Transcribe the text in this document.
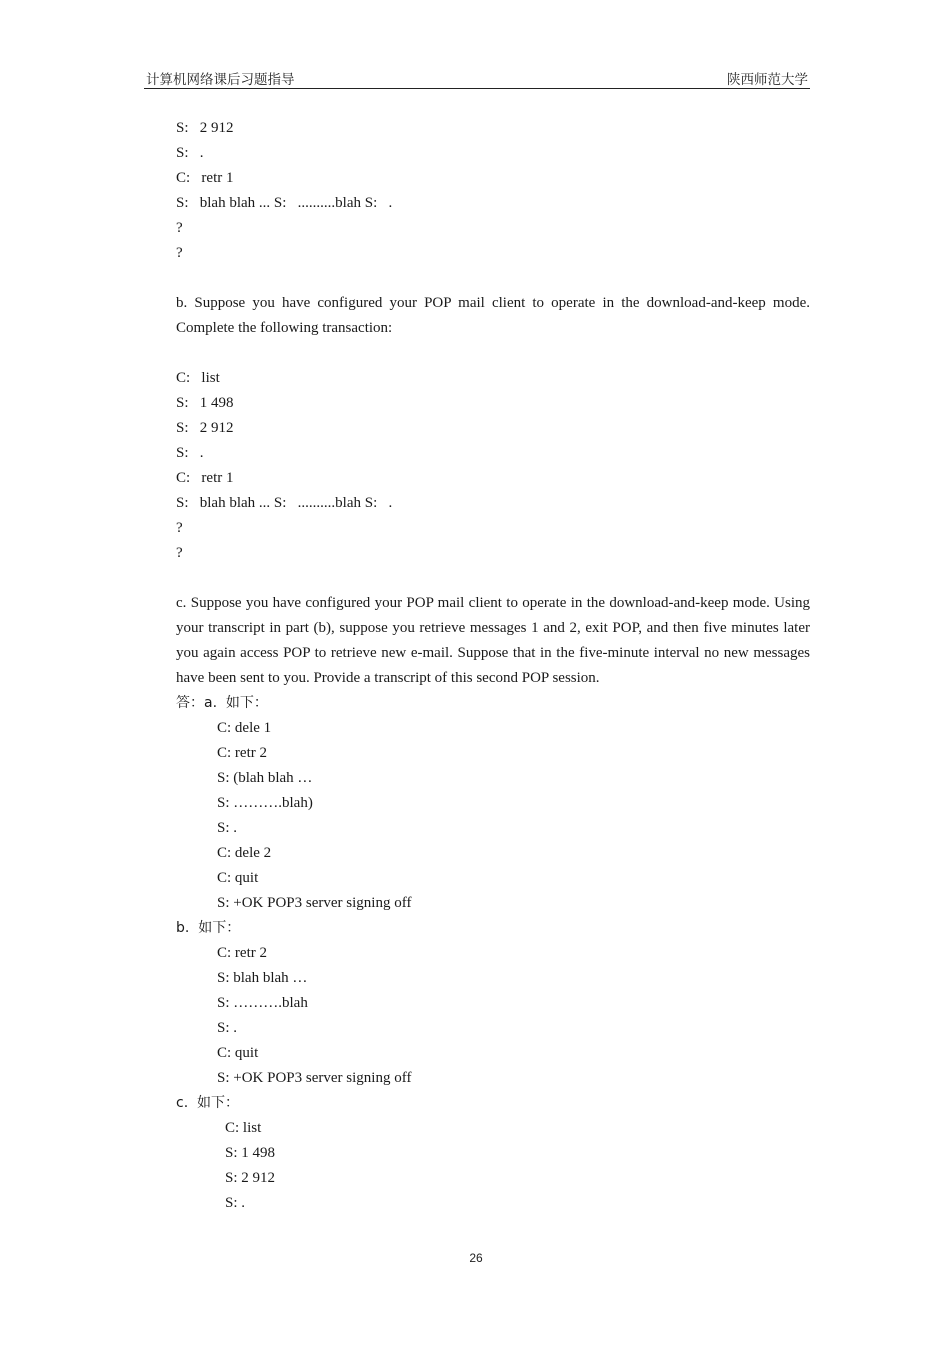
计算机网络课后习题指导	陕西师范大学
S:   2 912
S:   .
C:   retr 1
S:   blah blah ... S:   ..........blah S:   .
?
?
b. Suppose you have configured your POP mail client to operate in the download-and-keep mode. Complete the following transaction:
C:   list
S:   1 498
S:   2 912
S:   .
C:   retr 1
S:   blah blah ... S:   ..........blah S:   .
?
?
c. Suppose you have configured your POP mail client to operate in the download-and-keep mode. Using your transcript in part (b), suppose you retrieve messages 1 and 2, exit POP, and then five minutes later you again access POP to retrieve new e-mail. Suppose that in the five-minute interval no new messages have been sent to you. Provide a transcript of this second POP session.
答：a.  如下：
C: dele 1
C: retr 2
S: (blah blah …
S: ……….blah)
S: .
C: dele 2
C: quit
S: +OK POP3 server signing off
b.  如下：
C: retr 2
S: blah blah …
S: ……….blah
S: .
C: quit
S: +OK POP3 server signing off
c.  如下：
C: list
S: 1 498
S: 2 912
S: .
26
